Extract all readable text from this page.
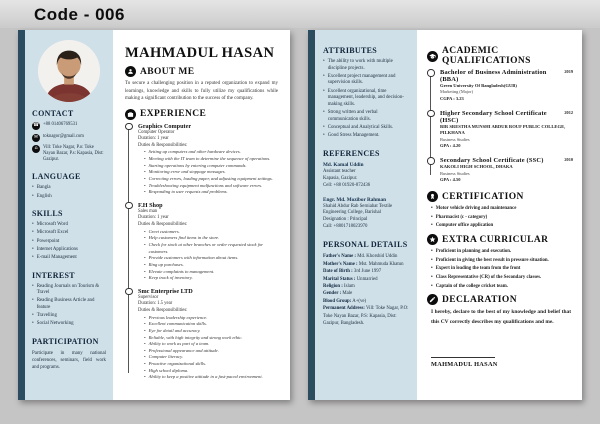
Code - 006
CONTACT
☎ +88 01406769531
✉	toknagor@gmail.com
⌂	Vill: Toke Nagar, P.o: Toke Nayan Bazar, P.s: Kapasia, Dist: Gazipur.
LANGUAGE
• Bangla
• English
SKILLS
• Microsoft Word
• Microsoft Excel
• Powerpoint
• Internet Applications
• E-mail Management
INTEREST
• Reading Journals on Tourism & Travel
• Reading Business Article and feature
• Travelling
• Social Networking
PARTICIPATION
Participate in many national conferences, seminars, field work and programs.
MAHMADUL HASAN
ABOUT ME
To secure a challenging position in a reputed organization to expand my learnings, knowledge and skills to fully utilize my qualifications while making a significant contribution to the success of the company.
EXPERIENCE
Graphics Computer
Computer Operator
Duration: 1 year
Duties & Responsibilities:
• Setting up computers and other hardware devices.
• Meeting with the IT team to determine the sequence of operations.
• Starting operations by entering computer commands.
• Monitoring error and stoppage messages.
• Correcting errors, loading paper, and adjusting equipment settings.
• Troubleshooting equipment malfunctions and software errors.
• Responding to user requests and problems.
F.H Shop
Sales man
Duration: 1 year
Duties & Responsibilities:
• Greet customers.
• Help customers find items in the store.
• Check for stock at other branches or order requested stock for customers.
• Provide customers with information about items.
• Ring up purchases.
• Elevate complaints to management.
• Keep track of inventory.
Smc Enterprise LTD
Supervisor
Duration: 1.5 year
Duties & Responsibilities:
• Previous leadership experience.
• Excellent communication skills.
• Eye for detail and accuracy.
• Reliable, with high integrity and strong work ethic.
• Ability to work as part of a team.
• Professional appearance and attitude.
• Computer literacy.
• Proactive organizational skills.
• High school diploma.
• Ability to keep a positive attitude in a fast-paced environment.
ATTRIBUTES
• The ability to work with multiple discipline projects.
• Excellent project management and supervision skills.
• Excellent organizational, time management, leadership, and decision-making skills.
• Strong written and verbal communication skills.
• Conceptual and Analytical Skills.
• Good Stress Management.
REFERENCES
Md. Kamal Uddin
Assistant teacher
Kapasia, Gazipur.
Cell: +88 01920-872436
Engr. Md. Mozibor Rahman
Shahid Abdur Rab Serniabat Textile Engineering College, Barishal
Designation : Principal
Call: +8801718023970
PERSONAL DETAILS
Father's Name : Md. Khorshid Uddin
Mother's Name : Mst. Mahmuda Khatun
Date of Birth : 3rd June 1997
Marital Status : Unmarried
Religion : Islam
Gender : Male
Blood Group: A+(ve)
Permanent Address: Vill: Toke Nagar, P.O: Toke Nayan Bazar, P.S: Kapasia, Dist: Gazipur, Bangladesh.
ACADEMIC QUALIFICATIONS
Bachelor of Business Administration (BBA)
2019
Green University Of Bangladesh(GUB)
Marketing (Major)
CGPA : 3.23
Higher Secondary School Certificate (HSC)
2012
BIR SRESTHA MUNSHI ABDUR ROUF PUBLIC COLLEGE, PILKHANA
Business Studies
GPA : 4.20
Secondary School Certificate (SSC)	2010
KAKOLI HIGH SCHOOL, DHAKA
Business Studies
GPA : 4.50
CERTIFICATION
• Motor vehicle driving and maintenance
• Pharmacist (c - category)
• Computer office application
EXTRA CURRICULAR
• Proficient in planning and execution.
• Proficient in giving the best result in pressure situation.
• Expert in leading the team from the front
• Class Representative (CR) of the Secondary classes.
• Captain of the college cricket team.
DECLARATION
I hereby, declare to the best of my knowledge and belief that this CV correctly describes my qualifications and me.
MAHMADUL HASAN
